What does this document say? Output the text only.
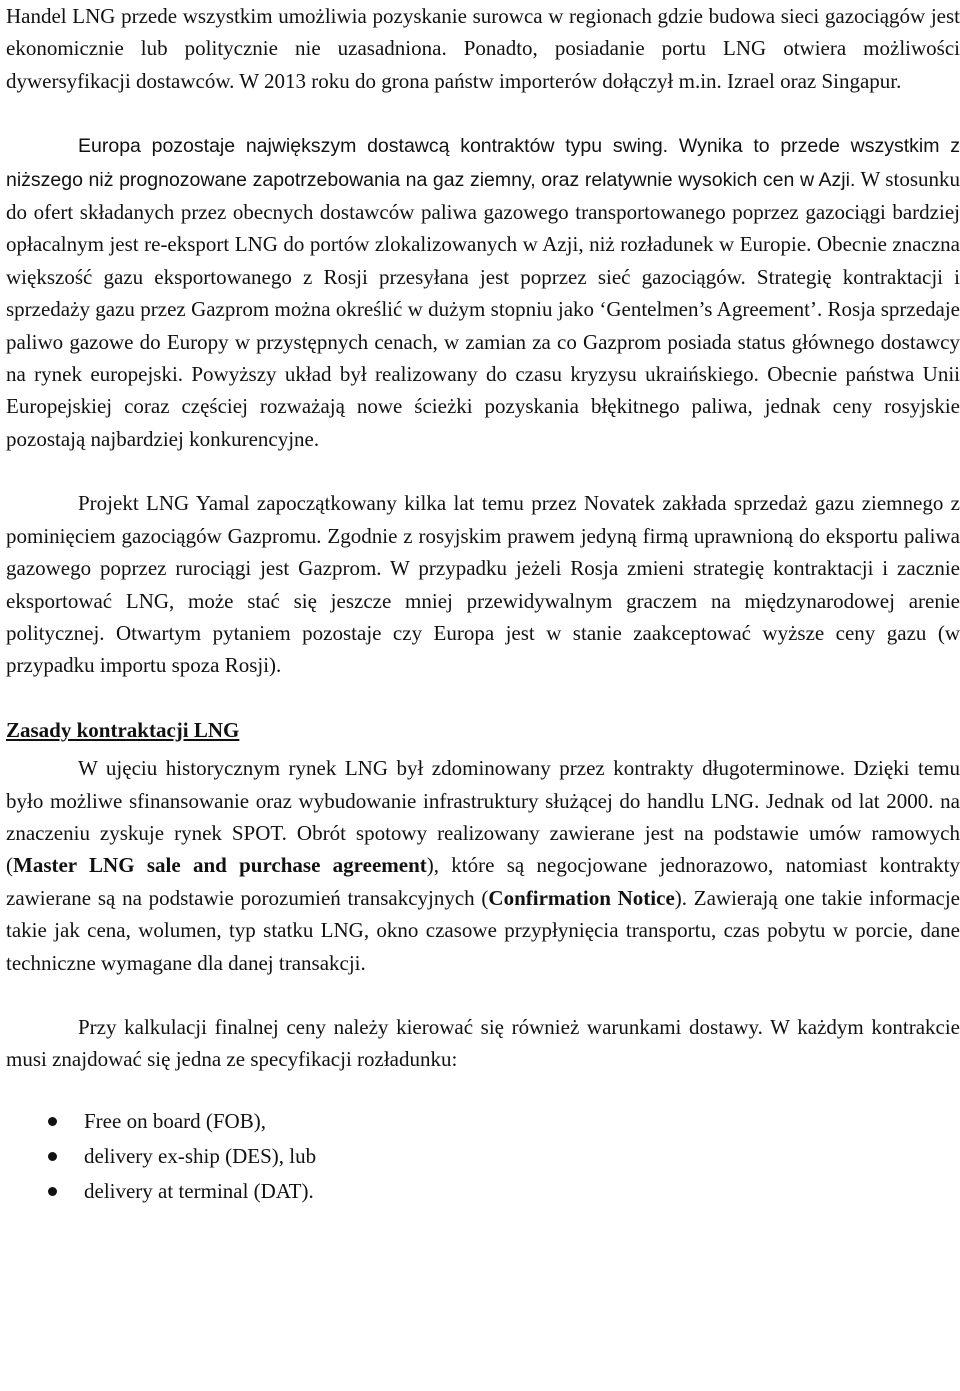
Handel LNG przede wszystkim umożliwia pozyskanie surowca w regionach gdzie budowa sieci gazociągów jest ekonomicznie lub politycznie nie uzasadniona. Ponadto, posiadanie portu LNG otwiera możliwości dywersyfikacji dostawców. W 2013 roku do grona państw importerów dołączył m.in. Izrael oraz Singapur.

Europa pozostaje największym dostawcą kontraktów typu swing. Wynika to przede wszystkim z niższego niż prognozowane zapotrzebowania na gaz ziemny, oraz relatywnie wysokich cen w Azji. W stosunku do ofert składanych przez obecnych dostawców paliwa gazowego transportowanego poprzez gazociągi bardziej opłacalnym jest re-eksport LNG do portów zlokalizowanych w Azji, niż rozładunek w Europie. Obecnie znaczna większość gazu eksportowanego z Rosji przesyłana jest poprzez sieć gazociągów. Strategię kontraktacji i sprzedaży gazu przez Gazprom można określić w dużym stopniu jako ‘Gentelmen’s Agreement’. Rosja sprzedaje paliwo gazowe do Europy w przystępnych cenach, w zamian za co Gazprom posiada status głównego dostawcy na rynek europejski. Powyższy układ był realizowany do czasu kryzysu ukraińskiego. Obecnie państwa Unii Europejskiej coraz częściej rozważają nowe ścieżki pozyskania błękitnego paliwa, jednak ceny rosyjskie pozostają najbardziej konkurencyjne.

Projekt LNG Yamal zapoczątkowany kilka lat temu przez Novatek zakłada sprzedaż gazu ziemnego z pominięciem gazociągów Gazpromu. Zgodnie z rosyjskim prawem jedyną firmą uprawnioną do eksportu paliwa gazowego poprzez rurociągi jest Gazprom. W przypadku jeżeli Rosja zmieni strategię kontraktacji i zacznie eksportować LNG, może stać się jeszcze mniej przewidywalnym graczem na międzynarodowej arenie politycznej. Otwartym pytaniem pozostaje czy Europa jest w stanie zaakceptować wyższe ceny gazu (w przypadku importu spoza Rosji).

Zasady kontraktacji LNG

W ujęciu historycznym rynek LNG był zdominowany przez kontrakty długoterminowe. Dzięki temu było możliwe sfinansowanie oraz wybudowanie infrastruktury służącej do handlu LNG. Jednak od lat 2000. na znaczeniu zyskuje rynek SPOT. Obrót spotowy realizowany zawierane jest na podstawie umów ramowych (Master LNG sale and purchase agreement), które są negocjowane jednorazowo, natomiast kontrakty zawierane są na podstawie porozumień transakcyjnych (Confirmation Notice). Zawierają one takie informacje takie jak cena, wolumen, typ statku LNG, okno czasowe przypłynięcia transportu, czas pobytu w porcie, dane techniczne wymagane dla danej transakcji.

Przy kalkulacji finalnej ceny należy kierować się również warunkami dostawy. W każdym kontrakcie musi znajdować się jedna ze specyfikacji rozładunku:

Free on board (FOB),
delivery ex-ship (DES), lub
delivery at terminal (DAT).
